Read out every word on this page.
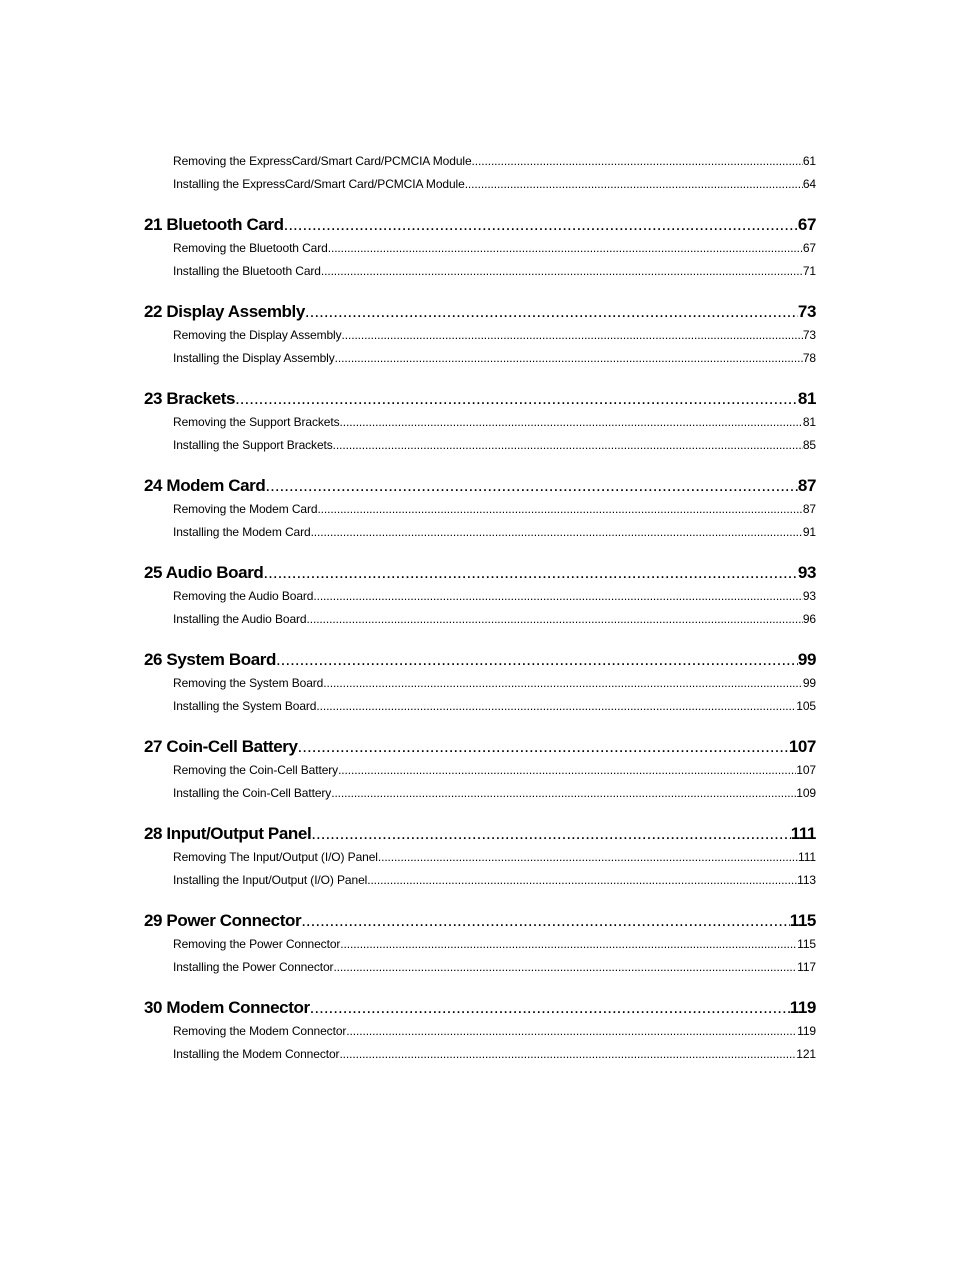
Removing the ExpressCard/Smart Card/PCMCIA Module .....	61
Installing the ExpressCard/Smart Card/PCMCIA Module .....	64
21 Bluetooth Card .....	67
Removing the Bluetooth Card .....	67
Installing the Bluetooth Card .....	71
22 Display Assembly .....	73
Removing the Display Assembly .....	73
Installing the Display Assembly .....	78
23 Brackets .....	81
Removing the Support Brackets .....	81
Installing the Support Brackets .....	85
24 Modem Card .....	87
Removing the Modem Card .....	87
Installing the Modem Card .....	91
25 Audio Board .....	93
Removing the Audio Board .....	93
Installing the Audio Board .....	96
26 System Board .....	99
Removing the System Board .....	99
Installing the System Board .....	105
27 Coin-Cell Battery .....	107
Removing the Coin-Cell Battery .....	107
Installing the Coin-Cell Battery .....	109
28 Input/Output Panel .....	111
Removing The Input/Output (I/O) Panel .....	111
Installing the Input/Output (I/O) Panel .....	113
29 Power Connector .....	115
Removing the Power Connector .....	115
Installing the Power Connector .....	117
30 Modem Connector .....	119
Removing the Modem Connector .....	119
Installing the Modem Connector .....	121
